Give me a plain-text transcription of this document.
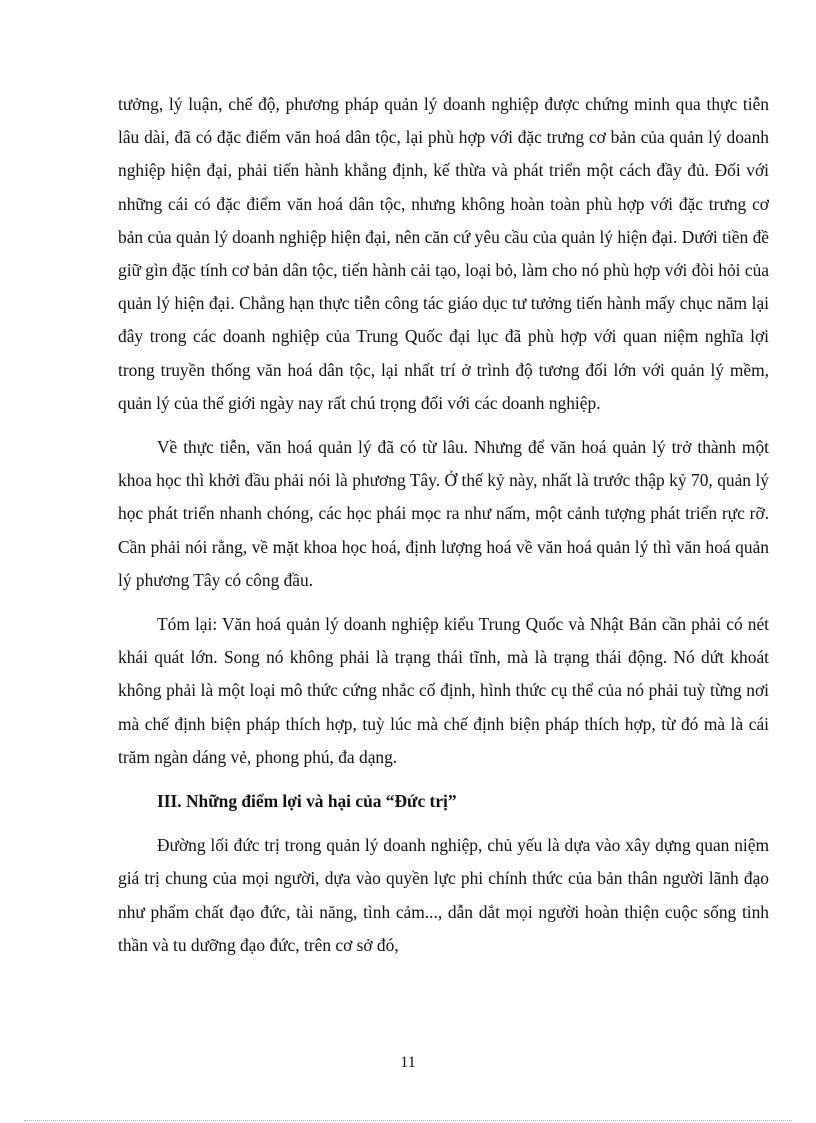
tưởng, lý luận, chế độ, phương pháp quản lý doanh nghiệp được chứng minh qua thực tiễn lâu dài, đã có đặc điểm văn hoá dân tộc, lại phù hợp với đặc trưng cơ bản của quản lý doanh nghiệp hiện đại, phải tiến hành khẳng định, kế thừa và phát triển một cách đầy đủ. Đối với những cái có đặc điểm văn hoá dân tộc, nhưng không hoàn toàn phù hợp với đặc trưng cơ bản của quản lý doanh nghiệp hiện đại, nên căn cứ yêu cầu của quản lý hiện đại. Dưới tiền đề giữ gìn đặc tính cơ bản dân tộc, tiến hành cải tạo, loại bỏ, làm cho nó phù hợp với đòi hỏi của quản lý hiện đại. Chẳng hạn thực tiễn công tác giáo dục tư tưởng tiến hành mấy chục năm lại đây trong các doanh nghiệp của Trung Quốc đại lục đã phù hợp với quan niệm nghĩa lợi trong truyền thống văn hoá dân tộc, lại nhất trí ở trình độ tương đối lớn với quản lý mềm, quản lý của thế giới ngày nay rất chú trọng đối với các doanh nghiệp.

Về thực tiễn, văn hoá quản lý đã có từ lâu. Nhưng để văn hoá quản lý trở thành một khoa học thì khởi đầu phải nói là phương Tây. Ở thế kỷ này, nhất là trước thập kỷ 70, quản lý học phát triển nhanh chóng, các học phái mọc ra như nấm, một cảnh tượng phát triển rực rỡ. Cần phải nói rằng, về mặt khoa học hoá, định lượng hoá về văn hoá quản lý thì văn hoá quản lý phương Tây có công đầu.

Tóm lại: Văn hoá quản lý doanh nghiệp kiểu Trung Quốc và Nhật Bản cần phải có nét khái quát lớn. Song nó không phải là trạng thái tĩnh, mà là trạng thái động. Nó dứt khoát không phải là một loại mô thức cứng nhắc cố định, hình thức cụ thể của nó phải tuỳ từng nơi mà chế định biện pháp thích hợp, tuỳ lúc mà chế định biện pháp thích hợp, từ đó mà là cái trăm ngàn dáng vẻ, phong phú, đa dạng.

III. Những điểm lợi và hại của “Đức trị”

Đường lối đức trị trong quản lý doanh nghiệp, chủ yếu là dựa vào xây dựng quan niệm giá trị chung của mọi người, dựa vào quyền lực phi chính thức của bản thân người lãnh đạo như phẩm chất đạo đức, tài năng, tình cảm..., dẫn dắt mọi người hoàn thiện cuộc sống tinh thần và tu dưỡng đạo đức, trên cơ sở đó,

11
